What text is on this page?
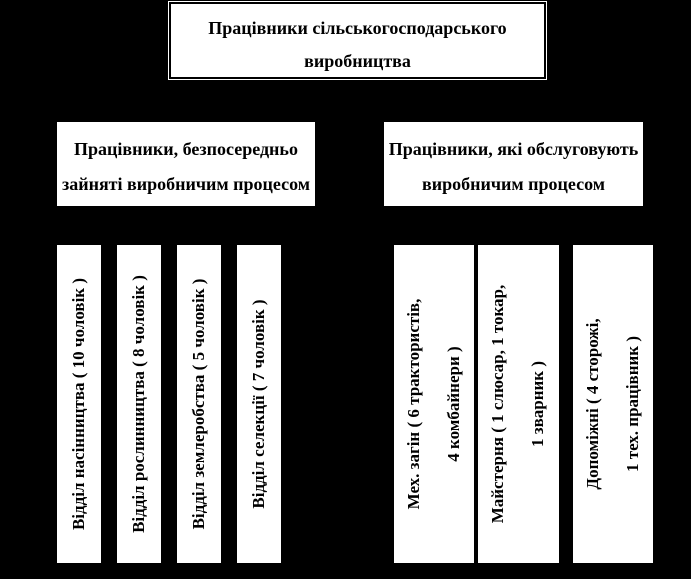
Працівники сільськогосподарського
виробництва
Працівники, безпосередньо
зайняті виробничим процесом
Працівники, які обслуговують
виробничим процесом
Відділ насінництва ( 10 чоловік ) Відділ рослинництва ( 8 чоловік ) Відділ землеробства ( 5 чоловік ) Відділ селекції ( 7 чоловік )	Мех. загін ( 6 трактористів,	4 комбайнери )	Майстерня ( 1 слюсар, 1 токар,	1 зварник )	Допоміжні ( 4 сторожі,	1 тех. працівник )
